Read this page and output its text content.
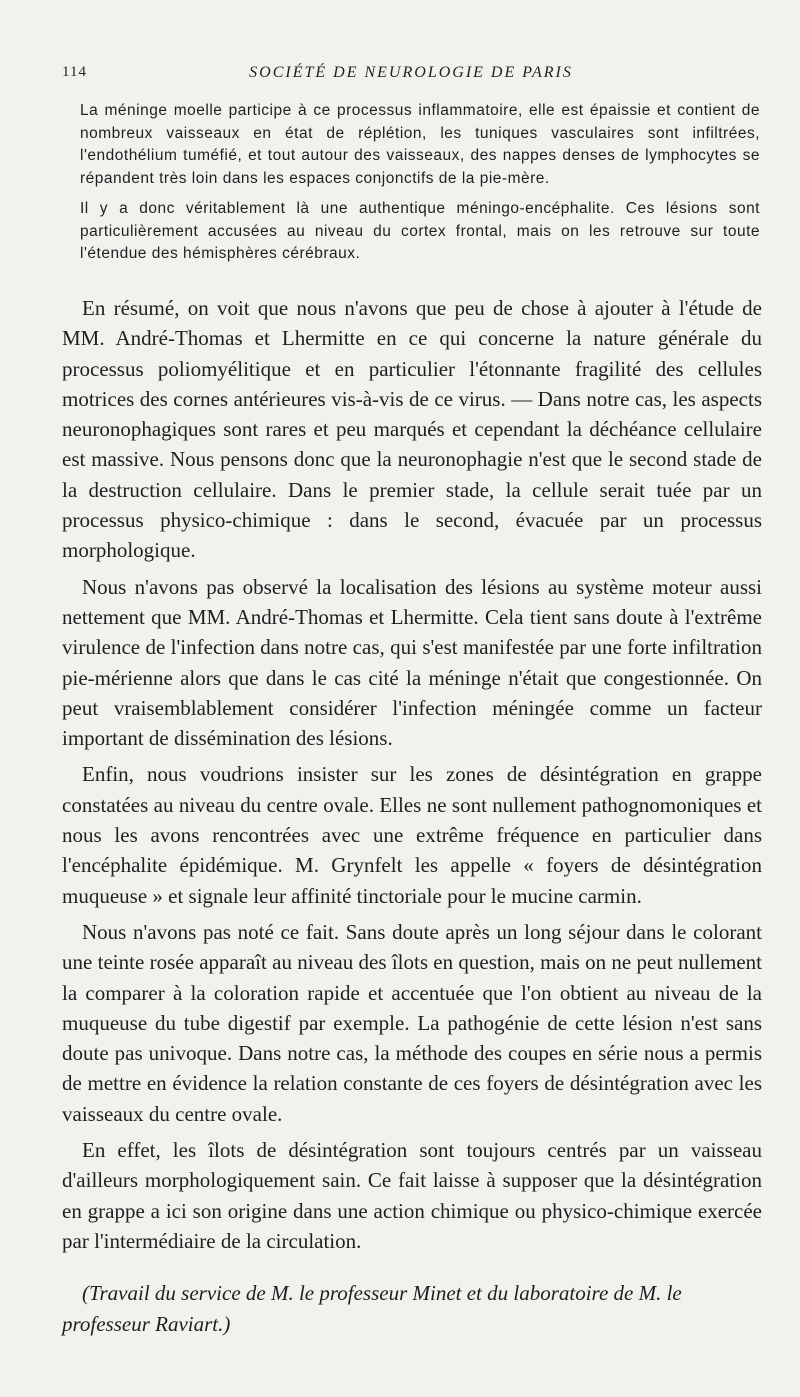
114	SOCIÉTÉ DE NEUROLOGIE DE PARIS

La méninge moelle participe à ce processus inflammatoire, elle est épaissie et contient de nombreux vaisseaux en état de réplétion, les tuniques vasculaires sont infiltrées, l'endothélium tuméfié, et tout autour des vaisseaux, des nappes denses de lymphocytes se répandent très loin dans les espaces conjonctifs de la pie-mère.

Il y a donc véritablement là une authentique méningo-encéphalite. Ces lésions sont particulièrement accusées au niveau du cortex frontal, mais on les retrouve sur toute l'étendue des hémisphères cérébraux.

En résumé, on voit que nous n'avons que peu de chose à ajouter à l'étude de MM. André-Thomas et Lhermitte en ce qui concerne la nature générale du processus poliomyélitique et en particulier l'étonnante fragilité des cellules motrices des cornes antérieures vis-à-vis de ce virus. — Dans notre cas, les aspects neuronophagiques sont rares et peu marqués et cependant la déchéance cellulaire est massive. Nous pensons donc que la neuronophagie n'est que le second stade de la destruction cellulaire. Dans le premier stade, la cellule serait tuée par un processus physico-chimique : dans le second, évacuée par un processus morphologique.

Nous n'avons pas observé la localisation des lésions au système moteur aussi nettement que MM. André-Thomas et Lhermitte. Cela tient sans doute à l'extrême virulence de l'infection dans notre cas, qui s'est manifestée par une forte infiltration pie-mérienne alors que dans le cas cité la méninge n'était que congestionnée. On peut vraisemblablement considérer l'infection méningée comme un facteur important de dissémination des lésions.

Enfin, nous voudrions insister sur les zones de désintégration en grappe constatées au niveau du centre ovale. Elles ne sont nullement pathognomoniques et nous les avons rencontrées avec une extrême fréquence en particulier dans l'encéphalite épidémique. M. Grynfelt les appelle « foyers de désintégration muqueuse » et signale leur affinité tinctoriale pour le mucine carmin.

Nous n'avons pas noté ce fait. Sans doute après un long séjour dans le colorant une teinte rosée apparaît au niveau des îlots en question, mais on ne peut nullement la comparer à la coloration rapide et accentuée que l'on obtient au niveau de la muqueuse du tube digestif par exemple. La pathogénie de cette lésion n'est sans doute pas univoque. Dans notre cas, la méthode des coupes en série nous a permis de mettre en évidence la relation constante de ces foyers de désintégration avec les vaisseaux du centre ovale.

En effet, les îlots de désintégration sont toujours centrés par un vaisseau d'ailleurs morphologiquement sain. Ce fait laisse à supposer que la désintégration en grappe a ici son origine dans une action chimique ou physico-chimique exercée par l'intermédiaire de la circulation.

(Travail du service de M. le professeur Minet et du laboratoire de M. le professeur Raviart.)
